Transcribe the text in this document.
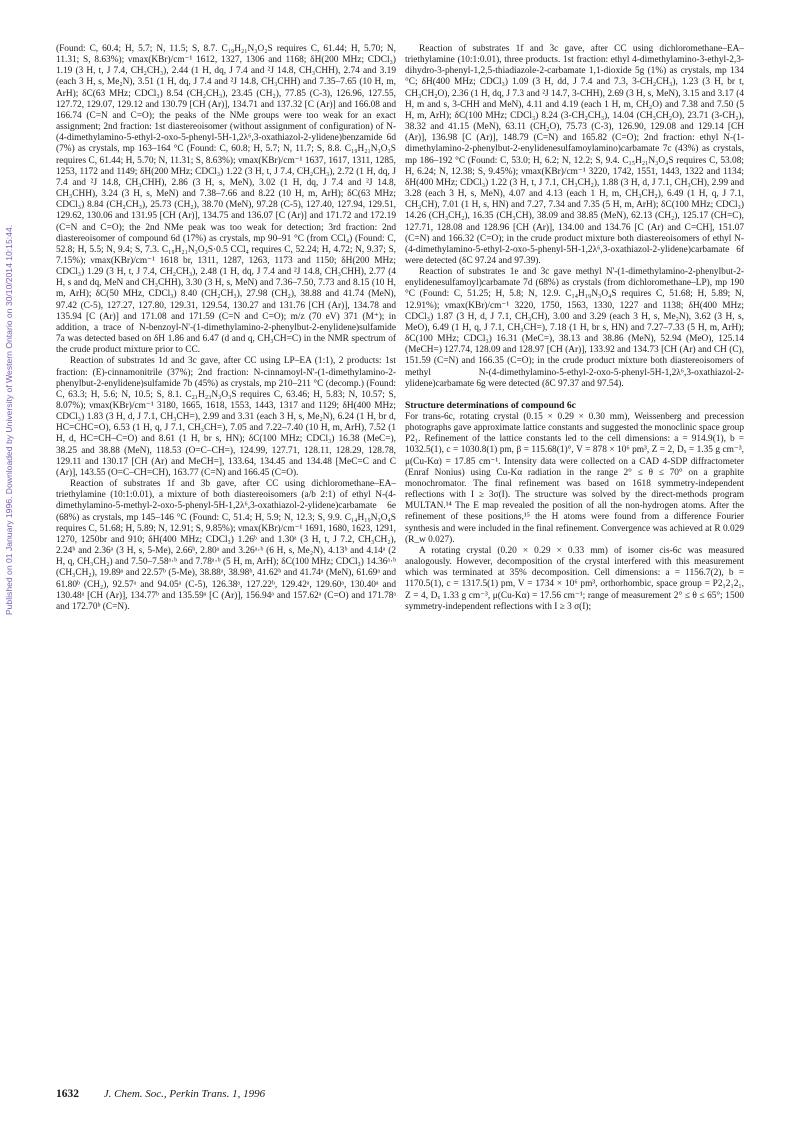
Published on 01 January 1996. Downloaded by University of Western Ontario on 30/10/2014 10:15:44.

(Found: C, 60.4; H, 5.7; N, 11.5; S, 8.7. C₁₉H₂₁N₃O₂S requires C, 61.44; H, 5.70; N, 11.31; S, 8.63%); νmax(KBr)/cm⁻¹ 1612, 1327, 1306 and 1168; δH(200 MHz; CDCl₃) 1.19 (3 H, t, J 7.4, CH₂CH₃), 2.44 (1 H, dq, J 7.4 and ²J 14.8, CH₃CHH), 2.74 and 3.19 (each 3 H, s, Me₂N), 3.51 (1 H, dq, J 7.4 and ²J 14.8, CH₃CHH) and 7.35–7.65 (10 H, m, ArH); δC(63 MHz; CDCl₃) 8.54 (CH₂CH₃), 23.45 (CH₂), 77.85 (C-3), 126.96, 127.55, 127.72, 129.07, 129.12 and 130.79 [CH (Ar)], 134.71 and 137.32 [C (Ar)] and 166.08 and 166.74 (C=N and C=O); the peaks of the NMe groups were too weak for an exact assignment; 2nd fraction: 1st diastereoisomer (without assignment of configuration) of N-(4-dimethylamino-5-ethyl-2-oxo-5-phenyl-5H-1,2λ⁶,3-oxathiazol-2-ylidene)benzamide 6d (7%) as crystals, mp 163–164 °C (Found: C, 60.8; H, 5.7; N, 11.7; S, 8.8. C₁₉H₂₁N₃O₃S requires C, 61.44; H, 5.70; N, 11.31; S, 8.63%); νmax(KBr)/cm⁻¹ 1637, 1617, 1311, 1285, 1253, 1172 and 1149; δH(200 MHz; CDCl₃) 1.22 (3 H, t, J 7.4, CH₂CH₃), 2.72 (1 H, dq, J 7.4 and ²J 14.8, CH₃CHH), 2.86 (3 H, s, MeN), 3.02 (1 H, dq, J 7.4 and ²J 14.8, CH₃CHH), 3.24 (3 H, s, MeN) and 7.38–7.66 and 8.22 (10 H, m, ArH); δC(63 MHz; CDCl₃) 8.84 (CH₂CH₃), 25.73 (CH₂), 38.70 (MeN), 97.28 (C-5), 127.40, 127.94, 129.51, 129.62, 130.06 and 131.95 [CH (Ar)], 134.75 and 136.07 [C (Ar)] and 171.72 and 172.19 (C=N and C=O); the 2nd NMe peak was too weak for detection; 3rd fraction: 2nd diastereoisomer of compound 6d (17%) as crystals, mp 90–91 °C (from CCl₄) (Found: C, 52.8; H, 5.5; N, 9.4; S, 7.3. C₁₉H₂₁N₃O₃S·0.5 CCl₄ requires C, 52.24; H, 4.72; N, 9.37; S, 7.15%); νmax(KBr)/cm⁻¹ 1618 br, 1311, 1287, 1263, 1173 and 1150; δH(200 MHz; CDCl₃) 1.29 (3 H, t, J 7.4, CH₂CH₃), 2.48 (1 H, dq, J 7.4 and ²J 14.8, CH₃CHH), 2.77 (4 H, s and dq, MeN and CH₃CHH), 3.30 (3 H, s, MeN) and 7.36–7.50, 7.73 and 8.15 (10 H, m, ArH); δC(50 MHz, CDCl₃) 8.40 (CH₂CH₃), 27.98 (CH₂), 38.88 and 41.74 (MeN), 97.42 (C-5), 127.27, 127.80, 129.31, 129.54, 130.27 and 131.76 [CH (Ar)], 134.78 and 135.94 [C (Ar)] and 171.08 and 171.59 (C=N and C=O); m/z (70 eV) 371 (M⁺); in addition, a trace of N-benzoyl-N'-(1-dimethylamino-2-phenylbut-2-enylidene)sulfamide 7a was detected based on δH 1.86 and 6.47 (d and q, CH₃CH=C) in the NMR spectrum of the crude product mixture prior to CC.

Reaction of substrates 1d and 3c gave, after CC using LP–EA (1:1), 2 products: 1st fraction: (E)-cinnamonitrile (37%); 2nd fraction: N-cinnamoyl-N'-(1-dimethylamino-2-phenylbut-2-enylidene)sulfamide 7b (45%) as crystals, mp 210–211 °C (decomp.) (Found: C, 63.3; H, 5.6; N, 10.5; S, 8.1. C₂₁H₂₃N₃O₃S requires C, 63.46; H, 5.83; N, 10.57; S, 8.07%); νmax(KBr)/cm⁻¹ 3180, 1665, 1618, 1553, 1443, 1317 and 1129; δH(400 MHz; CDCl₃) 1.83 (3 H, d, J 7.1, CH₃CH=), 2.99 and 3.31 (each 3 H, s, Me₂N), 6.24 (1 H, br d, HC=CHC=O), 6.53 (1 H, q, J 7.1, CH₃CH=), 7.05 and 7.22–7.40 (10 H, m, ArH), 7.52 (1 H, d, HC=CH–C=O) and 8.61 (1 H, br s, HN); δC(100 MHz; CDCl₃) 16.38 (MeC=), 38.25 and 38.88 (MeN), 118.53 (O=C–CH=), 124.99, 127.71, 128.11, 128.29, 128.78, 129.11 and 130.17 [CH (Ar) and MeCH=], 133.64, 134.45 and 134.48 [MeC=C and C (Ar)], 143.55 (O=C–CH=CH), 163.77 (C=N) and 166.45 (C=O).

Reaction of substrates 1f and 3b gave, after CC using dichloromethane–EA–triethylamine (10:1:0.01), a mixture of both diastereoisomers (a/b 2:1) of ethyl N-(4-dimethylamino-5-methyl-2-oxo-5-phenyl-5H-1,2λ⁶,3-oxathiazol-2-ylidene)carbamate 6e (68%) as crystals, mp 145–146 °C (Found: C, 51.4; H, 5.9; N, 12.3; S, 9.9. C₁₄H₁₉N₃O₄S requires C, 51.68; H, 5.89; N, 12.91; S, 9.85%); νmax(KBr)/cm⁻¹ 1691, 1680, 1623, 1291, 1270, 1250br and 910; δH(400 MHz; CDCl₃) 1.26ᵇ and 1.30ᵃ (3 H, t, J 7.2, CH₃CH₂), 2.24ᵇ and 2.36ᵃ (3 H, s, 5-Me), 2.66ᵇ, 2.80ᵃ and 3.26ᵃ·ᵇ (6 H, s, Me₂N), 4.13ᵇ and 4.14ᵃ (2 H, q, CH₃CH₂) and 7.50–7.58ᵃ·ᵇ and 7.78ᵃ·ᵇ (5 H, m, ArH); δC(100 MHz; CDCl₃) 14.36ᵃ·ᵇ (CH₃CH₂), 19.89ᵃ and 22.57ᵇ (5-Me), 38.88ᵃ, 38.98ᵇ, 41.62ᵇ and 41.74ᵃ (MeN), 61.69ᵃ and 61.80ᵇ (CH₂), 92.57ᵃ and 94.05ᵃ (C-5), 126.38ᵃ, 127.22ᵇ, 129.42ᵃ, 129.60ᵃ, 130.40ᵃ and 130.48ᵃ [CH (Ar)], 134.77ᵇ and 135.59ᵃ [C (Ar)], 156.94ᵃ and 157.62ᵃ (C=O) and 171.78ᵃ and 172.70ᵇ (C=N).

Reaction of substrates 1f and 3c gave, after CC using dichloromethane–EA–triethylamine (10:1:0.01), three products. 1st fraction: ethyl 4-dimethylamino-3-ethyl-2,3-dihydro-3-phenyl-1,2,5-thiadiazole-2-carbamate 1,1-dioxide 5g (1%) as crystals, mp 134 °C; δH(400 MHz; CDCl₃) 1.09 (3 H, dd, J 7.4 and 7.3, 3-CH₂CH₃), 1.23 (3 H, br t, CH₃CH₂O), 2.36 (1 H, dq, J 7.3 and ²J 14.7, 3-CHH), 2.69 (3 H, s, MeN), 3.15 and 3.17 (4 H, m and s, 3-CHH and MeN), 4.11 and 4.19 (each 1 H, m, CH₂O) and 7.38 and 7.50 (5 H, m, ArH); δC(100 MHz; CDCl₃) 8.24 (3-CH₂CH₃), 14.04 (CH₃CH₂O), 23.71 (3-CH₂), 38.32 and 41.15 (MeN), 63.11 (CH₂O), 75.73 (C-3), 126.90, 129.08 and 129.14 [CH (Ar)], 136.98 [C (Ar)], 148.79 (C=N) and 165.82 (C=O); 2nd fraction: ethyl N-(1-dimethylamino-2-phenylbut-2-enylidenesulfamoylamino)carbamate 7c (43%) as crystals, mp 186–192 °C (Found: C, 53.0; H, 6.2; N, 12.2; S, 9.4. C₁₅H₂₁N₃O₄S requires C, 53.08; H, 6.24; N, 12.38; S, 9.45%); νmax(KBr)/cm⁻¹ 3220, 1742, 1551, 1443, 1322 and 1134; δH(400 MHz; CDCl₃) 1.22 (3 H, t, J 7.1, CH₃CH₂), 1.88 (3 H, d, J 7.1, CH₃CH), 2.99 and 3.28 (each 3 H, s, MeN), 4.07 and 4.13 (each 1 H, m, CH₃CH₂), 6.49 (1 H, q, J 7.1, CH₃CH), 7.01 (1 H, s, HN) and 7.27, 7.34 and 7.35 (5 H, m, ArH); δC(100 MHz; CDCl₃) 14.26 (CH₃CH₂), 16.35 (CH₃CH), 38.09 and 38.85 (MeN), 62.13 (CH₂), 125.17 (CH=C), 127.71, 128.08 and 128.96 [CH (Ar)], 134.00 and 134.76 [C (Ar) and C=CH], 151.07 (C=N) and 166.32 (C=O); in the crude product mixture both diastereoisomers of ethyl N-(4-dimethylamino-5-ethyl-2-oxo-5-phenyl-5H-1,2λ⁶,3-oxathiazol-2-ylidene)carbamate 6f were detected (δC 97.24 and 97.39).

Reaction of substrates 1e and 3c gave methyl N'-(1-dimethylamino-2-phenylbut-2-enylidenesulfamoyl)carbamate 7d (68%) as crystals (from dichloromethane–LP), mp 190 °C (Found: C, 51.25; H, 5.8; N, 12.9. C₁₄H₁₉N₃O₄S requires C, 51.68; H, 5.89; N, 12.91%); νmax(KBr)/cm⁻¹ 3220, 1750, 1563, 1330, 1227 and 1138; δH(400 MHz; CDCl₃) 1.87 (3 H, d, J 7.1, CH₃CH), 3.00 and 3.29 (each 3 H, s, Me₂N), 3.62 (3 H, s, MeO), 6.49 (1 H, q, J 7.1, CH₃CH=), 7.18 (1 H, br s, HN) and 7.27–7.33 (5 H, m, ArH); δC(100 MHz; CDCl₃) 16.31 (MeC=), 38.13 and 38.86 (MeN), 52.94 (MeO), 125.14 (MeCH=) 127.74, 128.09 and 128.97 [CH (Ar)], 133.92 and 134.73 [CH (Ar) and CH (C), 151.59 (C=N) and 166.35 (C=O); in the crude product mixture both diastereoisomers of methyl N-(4-dimethylamino-5-ethyl-2-oxo-5-phenyl-5H-1,2λ⁶,3-oxathiazol-2-ylidene)carbamate 6g were detected (δC 97.37 and 97.54).

Structure determinations of compound 6c

For trans-6c, rotating crystal (0.15 × 0.29 × 0.30 mm), Weissenberg and precession photographs gave approximate lattice constants and suggested the monoclinic space group P2₁. Refinement of the lattice constants led to the cell dimensions: a = 914.9(1), b = 1032.5(1), c = 1030.8(1) pm, β = 115.68(1)°, V = 878 × 10⁶ pm³, Z = 2, Dₓ = 1.35 g cm⁻³, μ(Cu-Kα) = 17.85 cm⁻¹. Intensity data were collected on a CAD 4-SDP diffractometer (Enraf Nonius) using Cu-Kα radiation in the range 2° ≤ θ ≤ 70° on a graphite monochromator. The final refinement was based on 1618 symmetry-independent reflections with I ≥ 3σ(I). The structure was solved by the direct-methods program MULTAN.¹⁴ The E map revealed the position of all the non-hydrogen atoms. After the refinement of these positions,¹⁵ the H atoms were found from a difference Fourier synthesis and were included in the final refinement. Convergence was achieved at R 0.029 (R_w 0.027).

A rotating crystal (0.20 × 0.29 × 0.33 mm) of isomer cis-6c was measured analogously. However, decomposition of the crystal interfered with this measurement which was terminated at 35% decomposition. Cell dimensions: a = 1156.7(2), b = 1170.5(1), c = 1317.5(1) pm, V = 1734 × 10⁶ pm³, orthorhombic, space group = P2₁2₁2₁, Z = 4, Dₓ 1.33 g cm⁻³, μ(Cu-Kα) = 17.56 cm⁻¹; range of measurement 2° ≤ θ ≤ 65°; 1500 symmetry-independent reflections with I ≥ 3 σ(I);

1632 J. Chem. Soc., Perkin Trans. 1, 1996
